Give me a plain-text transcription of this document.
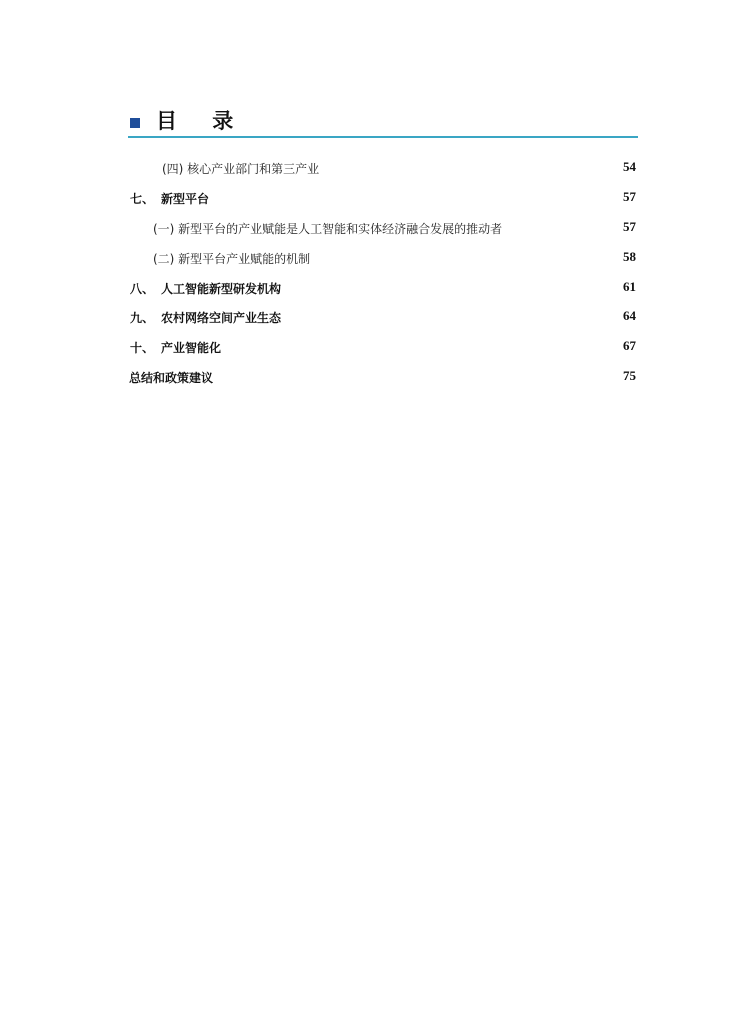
目 录
(四) 核心产业部门和第三产业	54
七、 新型平台	57
(一) 新型平台的产业赋能是人工智能和实体经济融合发展的推动者	57
(二) 新型平台产业赋能的机制	58
八、 人工智能新型研发机构	61
九、 农村网络空间产业生态	64
十、 产业智能化	67
总结和政策建议	75
